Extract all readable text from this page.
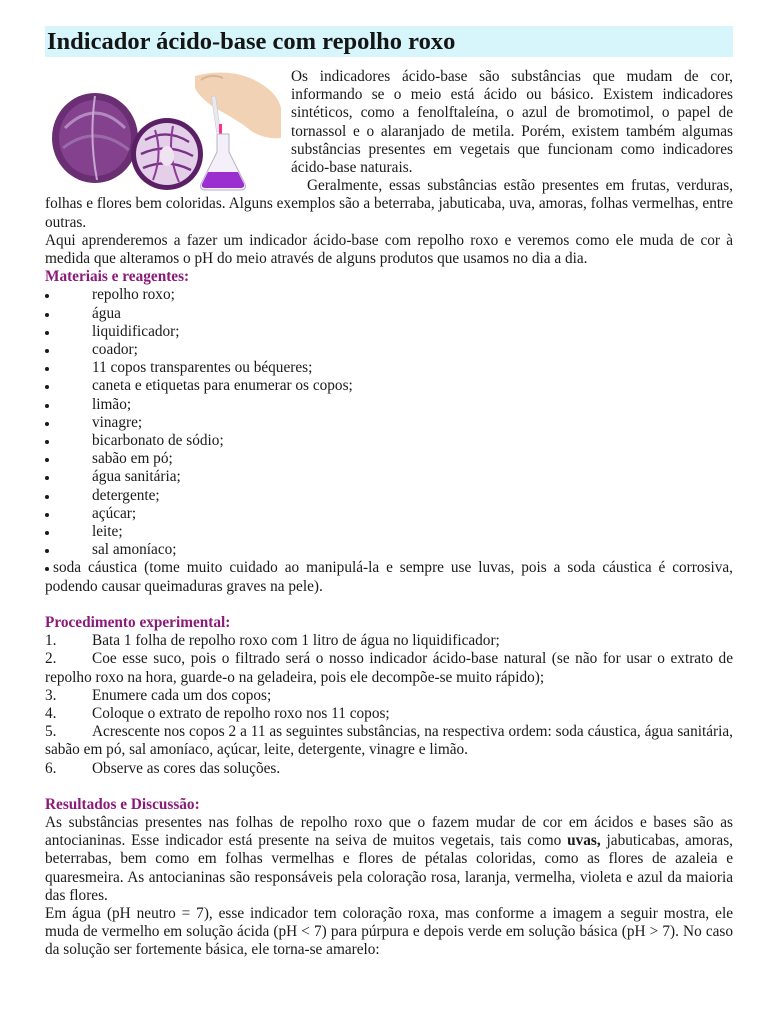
Indicador ácido-base com repolho roxo

Os indicadores ácido-base são substâncias que mudam de cor, informando se o meio está ácido ou básico. Existem indicadores sintéticos, como a fenolftaleína, o azul de bromotimol, o papel de tornassol e o alaranjado de metila. Porém, existem também algumas substâncias presentes em vegetais que funcionam como indicadores ácido-base naturais.

Geralmente, essas substâncias estão presentes em frutas, verduras, folhas e flores bem coloridas. Alguns exemplos são a beterraba, jabuticaba, uva, amoras, folhas vermelhas, entre outras.

Aqui aprenderemos a fazer um indicador ácido-base com repolho roxo e veremos como ele muda de cor à medida que alteramos o pH do meio através de alguns produtos que usamos no dia a dia.

Materiais e reagentes:
repolho roxo;
água
liquidificador;
coador;
11 copos transparentes ou béqueres;
caneta e etiquetas para enumerar os copos;
limão;
vinagre;
bicarbonato de sódio;
sabão em pó;
água sanitária;
detergente;
açúcar;
leite;
sal amoníaco;
soda cáustica (tome muito cuidado ao manipulá-la e sempre use luvas, pois a soda cáustica é corrosiva, podendo causar queimaduras graves na pele).
Procedimento experimental:
1. Bata 1 folha de repolho roxo com 1 litro de água no liquidificador;
2. Coe esse suco, pois o filtrado será o nosso indicador ácido-base natural (se não for usar o extrato de repolho roxo na hora, guarde-o na geladeira, pois ele decompõe-se muito rápido);
3. Enumere cada um dos copos;
4. Coloque o extrato de repolho roxo nos 11 copos;
5. Acrescente nos copos 2 a 11 as seguintes substâncias, na respectiva ordem: soda cáustica, água sanitária, sabão em pó, sal amoníaco, açúcar, leite, detergente, vinagre e limão.
6. Observe as cores das soluções.
Resultados e Discussão:

As substâncias presentes nas folhas de repolho roxo que o fazem mudar de cor em ácidos e bases são as antocianinas. Esse indicador está presente na seiva de muitos vegetais, tais como uvas, jabuticabas, amoras, beterrabas, bem como em folhas vermelhas e flores de pétalas coloridas, como as flores de azaleia e quaresmeira. As antocianinas são responsáveis pela coloração rosa, laranja, vermelha, violeta e azul da maioria das flores.

Em água (pH neutro = 7), esse indicador tem coloração roxa, mas conforme a imagem a seguir mostra, ele muda de vermelho em solução ácida (pH < 7) para púrpura e depois verde em solução básica (pH > 7). No caso da solução ser fortemente básica, ele torna-se amarelo:
